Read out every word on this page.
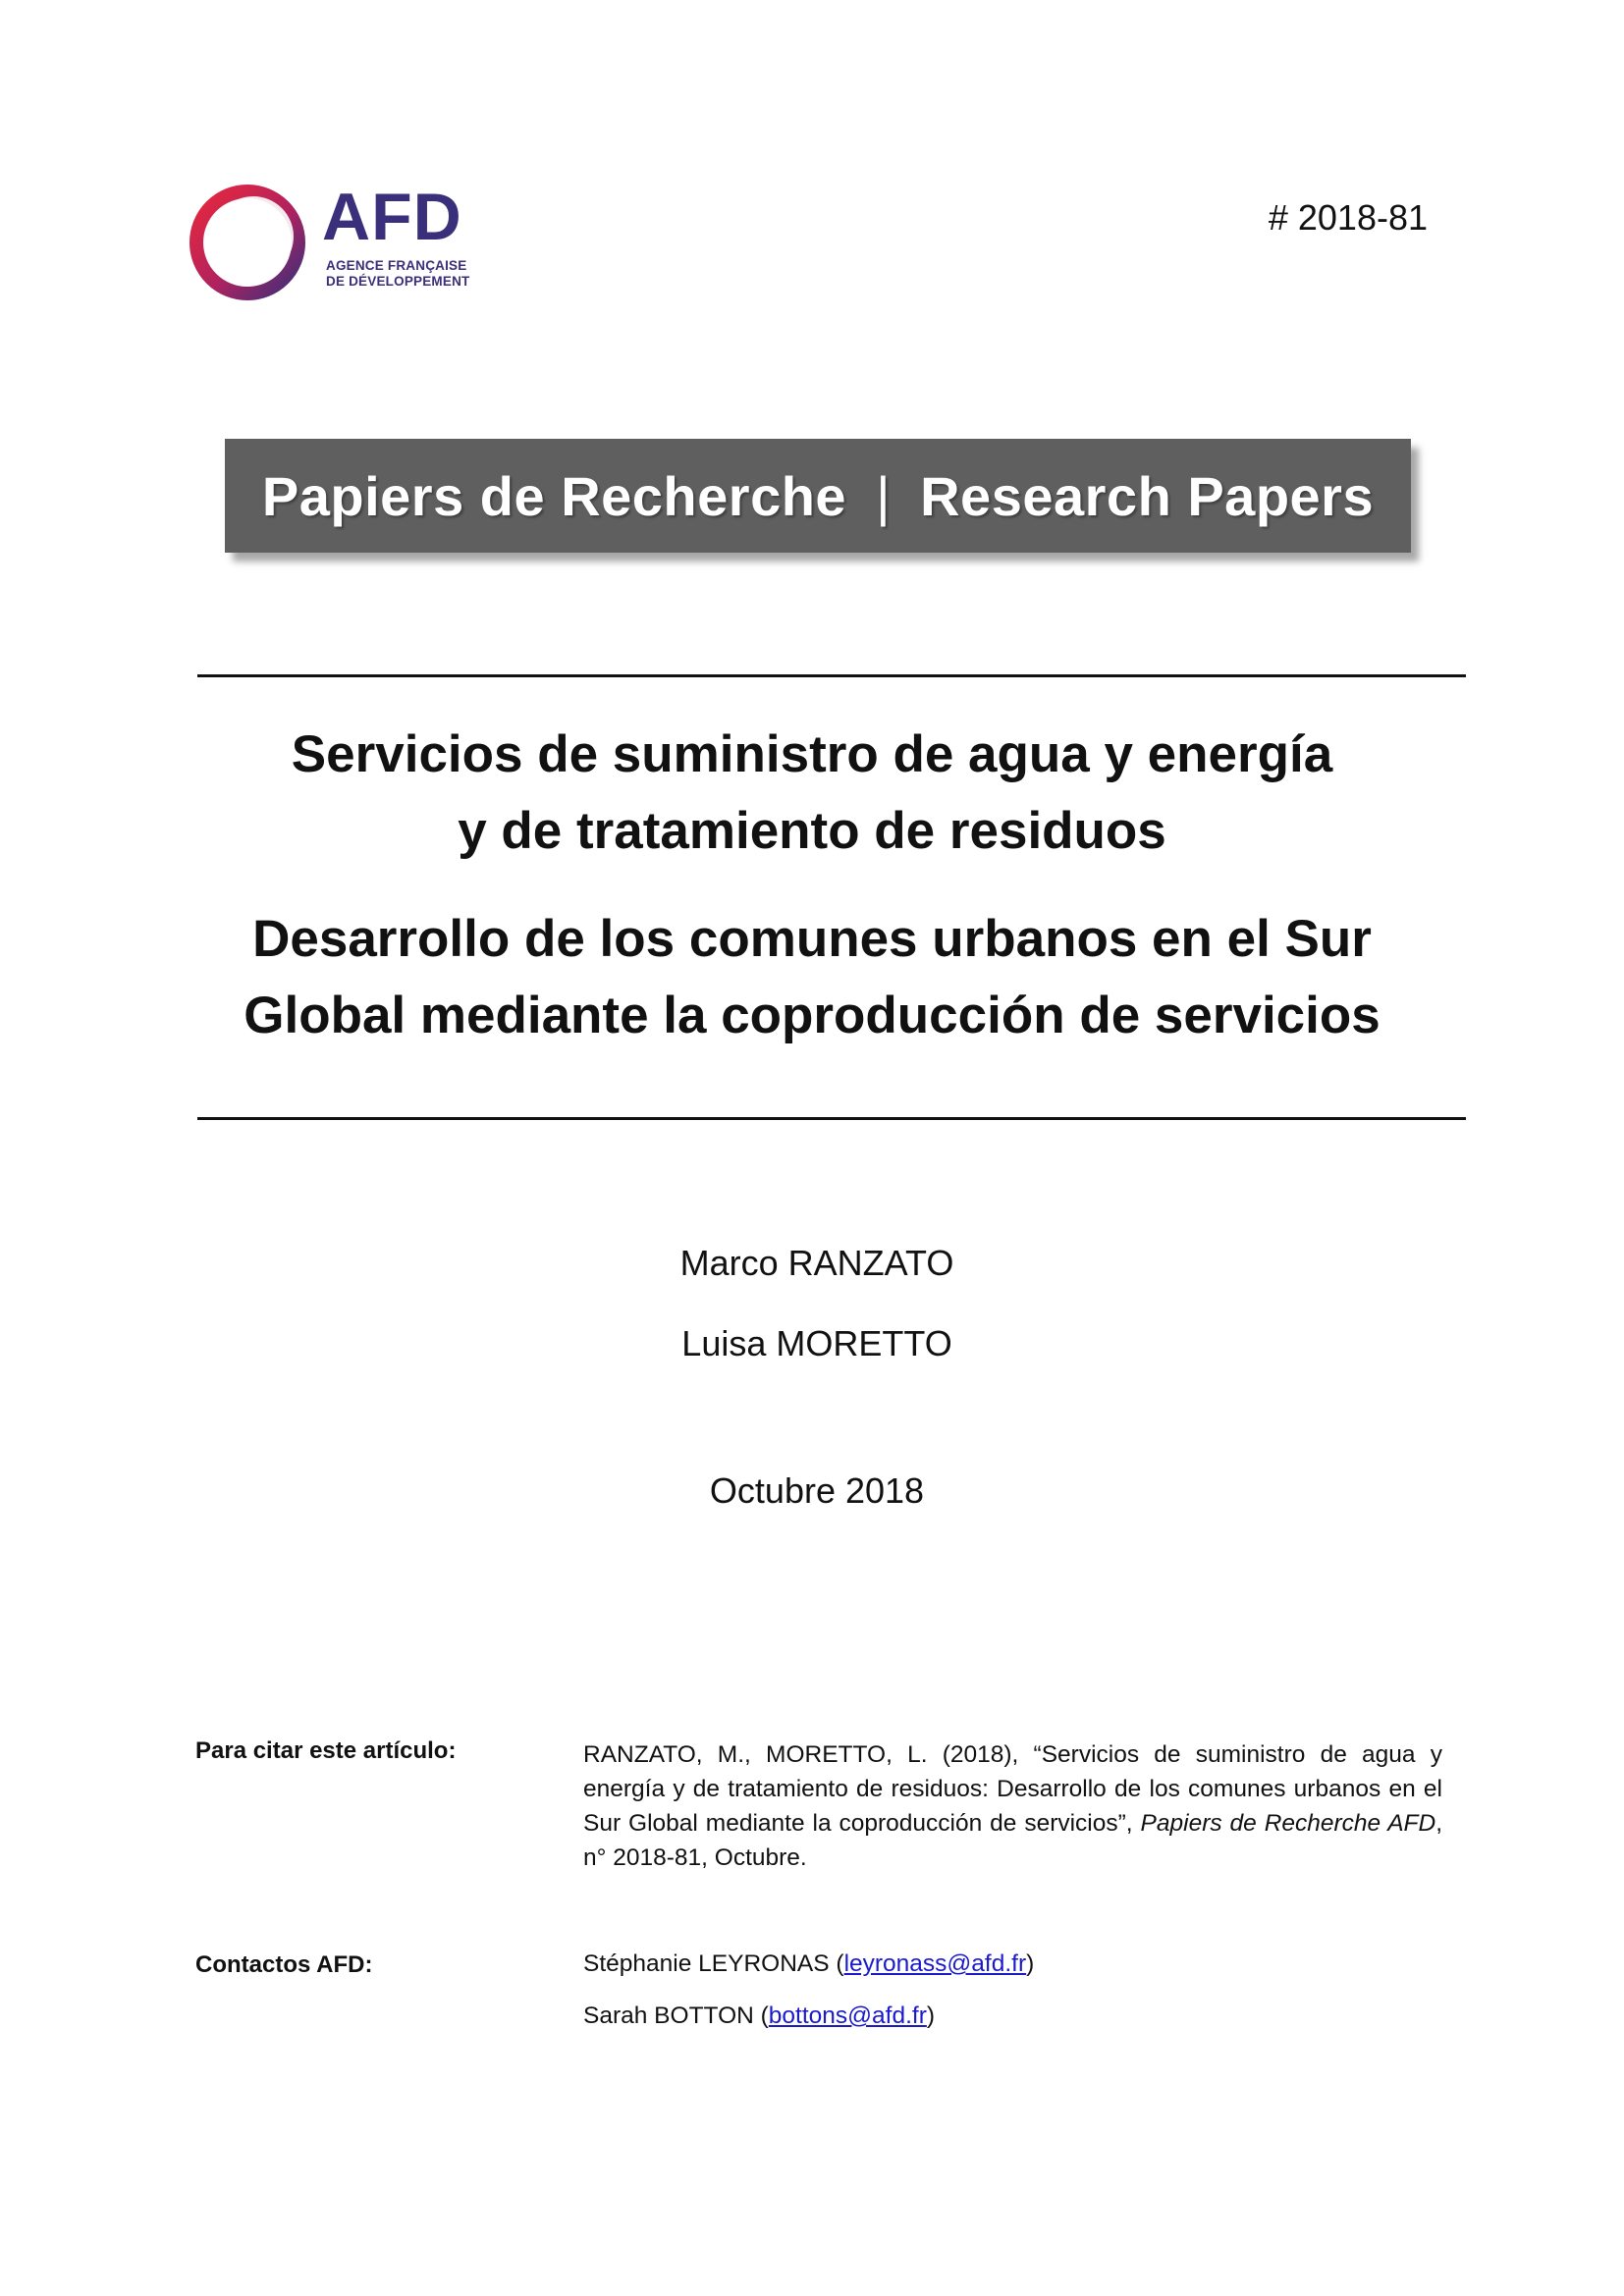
AFD
AGENCE FRANÇAISE
DE DÉVELOPPEMENT
# 2018-81
Papiers de Recherche | Research Papers
Servicios de suministro de agua y energía
y de tratamiento de residuos
Desarrollo de los comunes urbanos en el Sur
Global mediante la coproducción de servicios
Marco RANZATO
Luisa MORETTO
Octubre 2018
Para citar este artículo:	RANZATO, M., MORETTO, L. (2018), “Servicios de suministro de agua y energía y de tratamiento de residuos: Desarrollo de los comunes urbanos en el Sur Global mediante la coproducción de servicios”, Papiers de Recherche AFD, n° 2018-81, Octubre.
Contactos AFD:	Stéphanie LEYRONAS (leyronass@afd.fr)
Sarah BOTTON (bottons@afd.fr)
